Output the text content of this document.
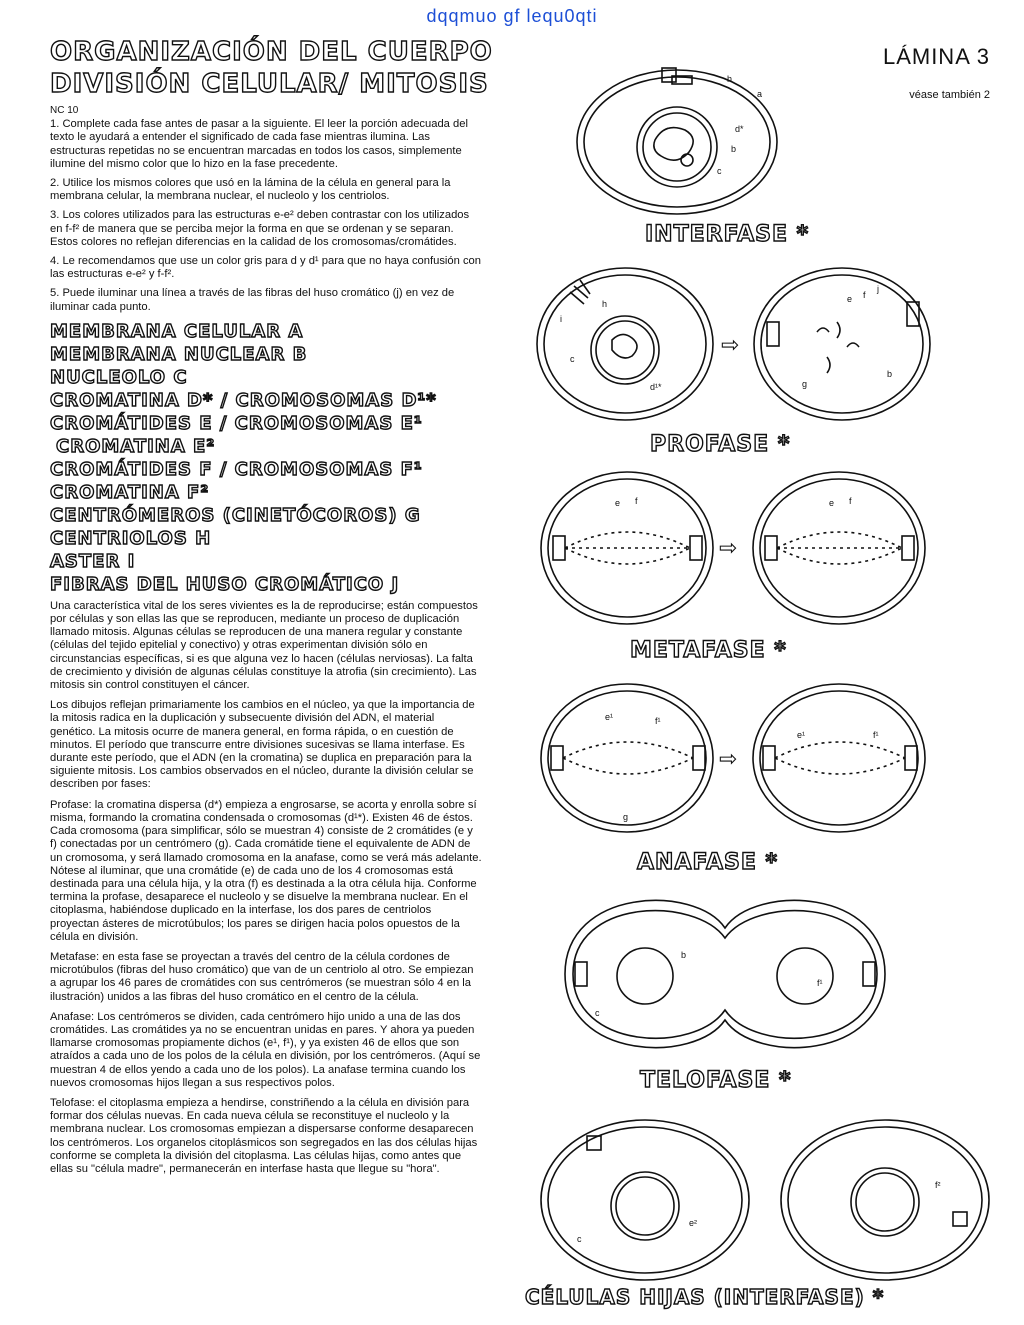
dqqmuo gf lequ0qti
ORGANIZACIÓN DEL CUERPO
DIVISIÓN CELULAR/ MITOSIS
LÁMINA 3
véase también 2
NC 10

1. Complete cada fase antes de pasar a la siguiente. El leer la porción adecuada del texto le ayudará a entender el significado de cada fase mientras ilumina. Las estructuras repetidas no se encuentran marcadas en todos los casos, simplemente ilumine del mismo color que lo hizo en la fase precedente.

2. Utilice los mismos colores que usó en la lámina de la célula en general para la membrana celular, la membrana nuclear, el nucleolo y los centriolos.

3. Los colores utilizados para las estructuras e-e² deben contrastar con los utilizados en f-f² de manera que se perciba mejor la forma en que se ordenan y se separan. Estos colores no reflejan diferencias en la calidad de los cromosomas/cromátides.

4. Le recomendamos que use un color gris para d y d¹ para que no haya confusión con las estructuras e-e² y f-f².

5. Puede iluminar una línea a través de las fibras del huso cromático (j) en vez de iluminar cada punto.

MEMBRANA CELULAR A
MEMBRANA NUCLEAR B
NUCLEOLO C
CROMATINA D* / CROMOSOMAS D¹*
CROMÁTIDES E / CROMOSOMAS E¹
CROMATINA E²
CROMÁTIDES F / CROMOSOMAS F¹
CROMATINA F²
CENTRÓMEROS (CINETÓCOROS) G
CENTRIOLOS H
ASTER I
FIBRAS DEL HUSO CROMÁTICO J

Una característica vital de los seres vivientes es la de reproducirse; están compuestos por células y son ellas las que se reproducen, mediante un proceso de duplicación llamado mitosis. Algunas células se reproducen de una manera regular y constante (células del tejido epitelial y conectivo) y otras experimentan división sólo en circunstancias específicas, si es que alguna vez lo hacen (células nerviosas). La falta de crecimiento y división de algunas células constituye la atrofia (sin crecimiento). Las mitosis sin control constituyen el cáncer.

Los dibujos reflejan primariamente los cambios en el núcleo, ya que la importancia de la mitosis radica en la duplicación y subsecuente división del ADN, el material genético. La mitosis ocurre de manera general, en forma rápida, o en cuestión de minutos. El período que transcurre entre divisiones sucesivas se llama interfase. Es durante este período, que el ADN (en la cromatina) se duplica en preparación para la siguiente mitosis. Los cambios observados en el núcleo, durante la división celular se describen por fases:

Profase: la cromatina dispersa (d*) empieza a engrosarse, se acorta y enrolla sobre sí misma, formando la cromatina condensada o cromosomas (d¹*). Existen 46 de éstos. Cada cromosoma (para simplificar, sólo se muestran 4) consiste de 2 cromátides (e y f) conectadas por un centrómero (g). Cada cromátide tiene el equivalente de ADN de un cromosoma, y será llamado cromosoma en la anafase, como se verá más adelante. Nótese al iluminar, que una cromátide (e) de cada uno de los 4 cromosomas está destinada para una célula hija, y la otra (f) es destinada a la otra célula hija. Conforme termina la profase, desaparece el nucleolo y se disuelve la membrana nuclear. En el citoplasma, habiéndose duplicado en la interfase, los dos pares de centriolos proyectan ásteres de microtúbulos; los pares se dirigen hacia polos opuestos de la célula en división.

Metafase: en esta fase se proyectan a través del centro de la célula cordones de microtúbulos (fibras del huso cromático) que van de un centriolo al otro. Se empiezan a agrupar los 46 pares de cromátides con sus centrómeros (se muestran sólo 4 en la ilustración) unidos a las fibras del huso cromático en el centro de la célula.

Anafase: Los centrómeros se dividen, cada centrómero hijo unido a una de las dos cromátides. Las cromátides ya no se encuentran unidas en pares. Y ahora ya pueden llamarse cromosomas propiamente dichos (e¹, f¹), y ya existen 46 de ellos que son atraídos a cada uno de los polos de la célula en división, por los centrómeros. (Aquí se muestran 4 de ellos yendo a cada uno de los polos). La anafase termina cuando los nuevos cromosomas hijos llegan a sus respectivos polos.

Telofase: el citoplasma empieza a hendirse, constriñendo a la célula en división para formar dos células nuevas. En cada nueva célula se reconstituye el nucleolo y la membrana nuclear. Los cromosomas empiezan a dispersarse conforme desaparecen los centrómeros. Los organelos citoplásmicos son segregados en las dos células hijas conforme se completa la división del citoplasma. Las células hijas, como antes que ellas su "célula madre", permanecerán en interfase hasta que llegue su "hora".

a
h
d*
b
c
INTERFASE *
h
i
c
d¹*
⇨
e f
j
b
g
PROFASE *
e f
⇨
e f
METAFASE *
e¹	f¹
g
⇨
e¹	f¹
ANAFASE *
b
c
f¹
TELOFASE *
e²
c
f²
CÉLULAS HIJAS (INTERFASE) *
